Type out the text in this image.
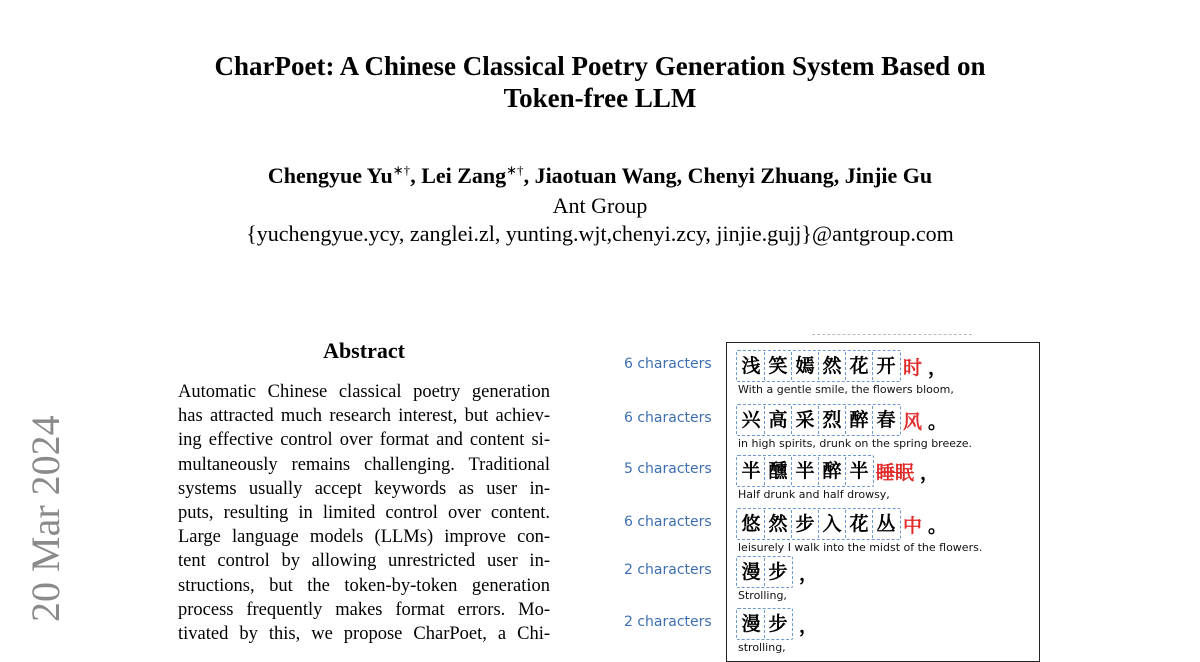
CharPoet: A Chinese Classical Poetry Generation System Based on
Token-free LLM
Chengyue Yu∗†, Lei Zang∗†, Jiaotuan Wang, Chenyi Zhuang, Jinjie Gu
Ant Group
{yuchengyue.ycy, zanglei.zl, yunting.wjt,chenyi.zcy, jinjie.gujj}@antgroup.com
20 Mar 2024
Abstract
Automatic Chinese classical poetry generation
has attracted much research interest, but achiev-
ing effective control over format and content si-
multaneously remains challenging. Traditional
systems usually accept keywords as user in-
puts, resulting in limited control over content.
Large language models (LLMs) improve con-
tent control by allowing unrestricted user in-
structions, but the token-by-token generation
process frequently makes format errors. Mo-
tivated by this, we propose CharPoet, a Chi-
6 characters	浅 笑 嫣 然 花 开 时 ，
With a gentle smile, the flowers bloom,
6 characters	兴 高 采 烈 醉 春 风 。
in high spirits, drunk on the spring breeze.
5 characters	半 醺 半 醉 半 睡眠 ，
Half drunk and half drowsy,
6 characters	悠 然 步 入 花 丛 中 。
leisurely I walk into the midst of the flowers.
2 characters	漫 步 ，
Strolling,
2 characters	漫 步 ，
strolling,
